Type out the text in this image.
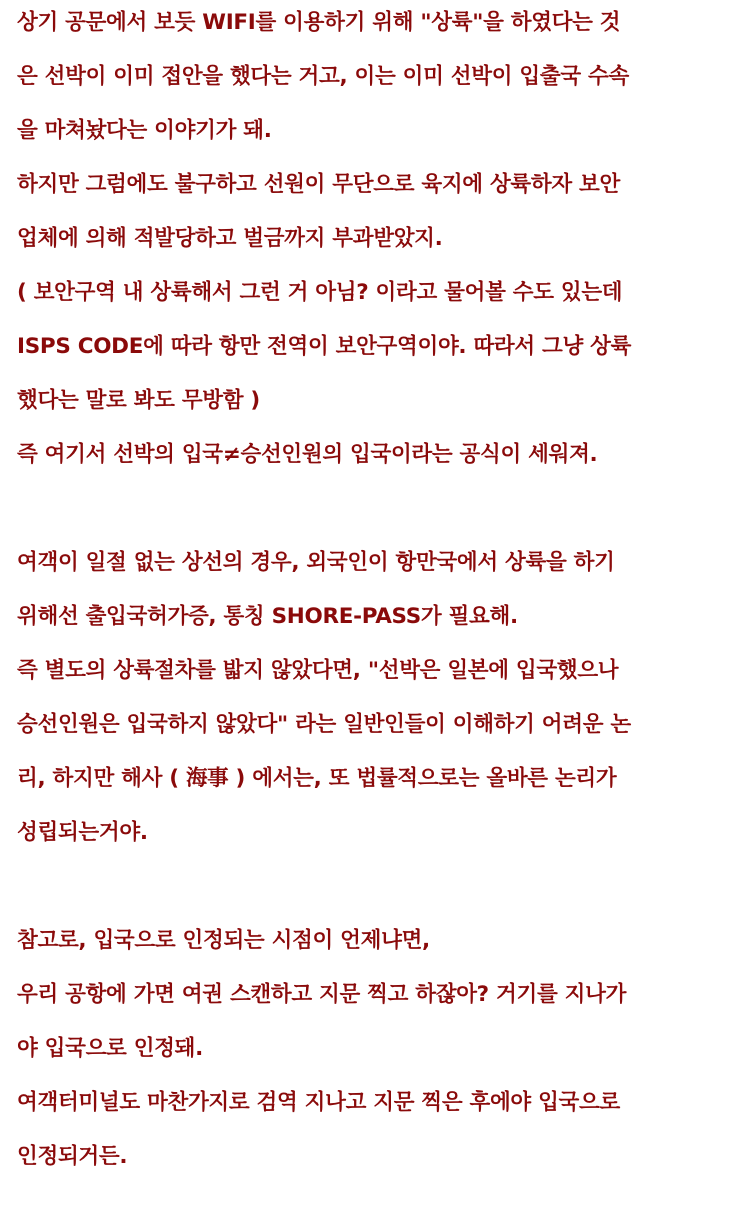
상기 공문에서 보듯 WIFI를 이용하기 위해 "상륙"을 하였다는 것
은 선박이 이미 접안을 했다는 거고, 이는 이미 선박이 입출국 수속
을 마쳐놨다는 이야기가 돼.
하지만 그럼에도 불구하고 선원이 무단으로 육지에 상륙하자 보안
업체에 의해 적발당하고 벌금까지 부과받았지.
( 보안구역 내 상륙해서 그런 거 아님? 이라고 물어볼 수도 있는데
ISPS CODE에 따라 항만 전역이 보안구역이야. 따라서 그냥 상륙
했다는 말로 봐도 무방함 )
즉 여기서 선박의 입국≠승선인원의 입국이라는 공식이 세워져.
여객이 일절 없는 상선의 경우, 외국인이 항만국에서 상륙을 하기
위해선 출입국허가증, 통칭 SHORE-PASS가 필요해.
즉 별도의 상륙절차를 밟지 않았다면, "선박은 일본에 입국했으나
승선인원은 입국하지 않았다" 라는 일반인들이 이해하기 어려운 논
리, 하지만 해사 ( 海事 ) 에서는, 또 법률적으로는 올바른 논리가
성립되는거야.
참고로, 입국으로 인정되는 시점이 언제냐면,
우리 공항에 가면 여권 스캔하고 지문 찍고 하잖아? 거기를 지나가
야 입국으로 인정돼.
여객터미널도 마찬가지로 검역 지나고 지문 찍은 후에야 입국으로
인정되거든.
